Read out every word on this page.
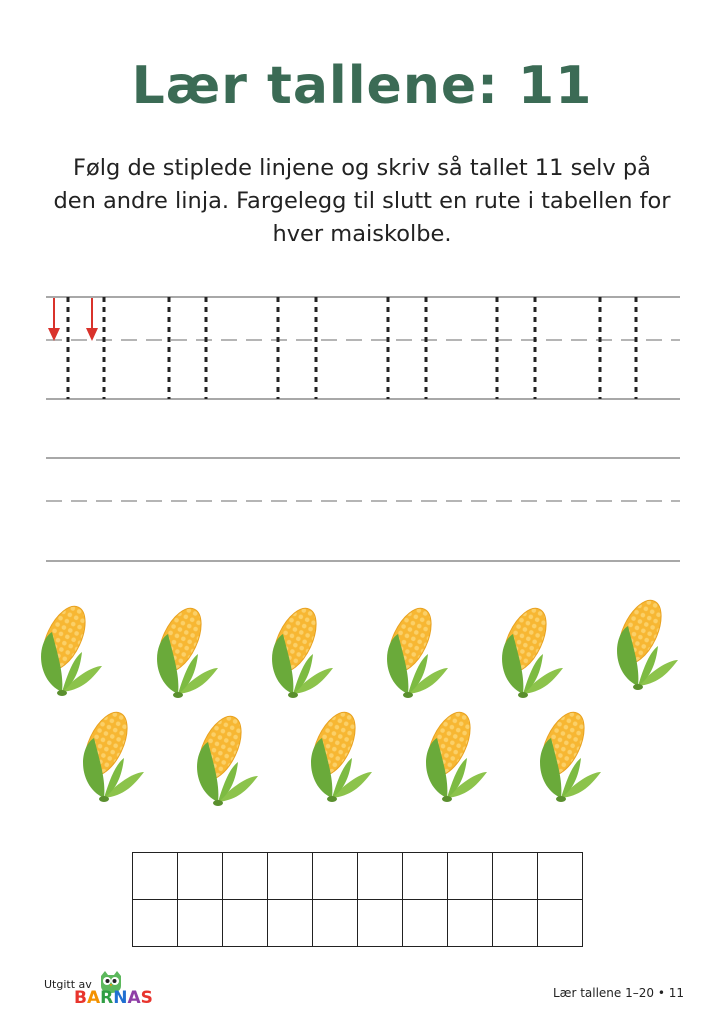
Lær tallene: 11
Følg de stiplede linjene og skriv så tallet 11 selv på den andre linja. Fargelegg til slutt en rute i tabellen for hver maiskolbe.

Utgitt av
BARNAS	Lær tallene 1–20 • 11
